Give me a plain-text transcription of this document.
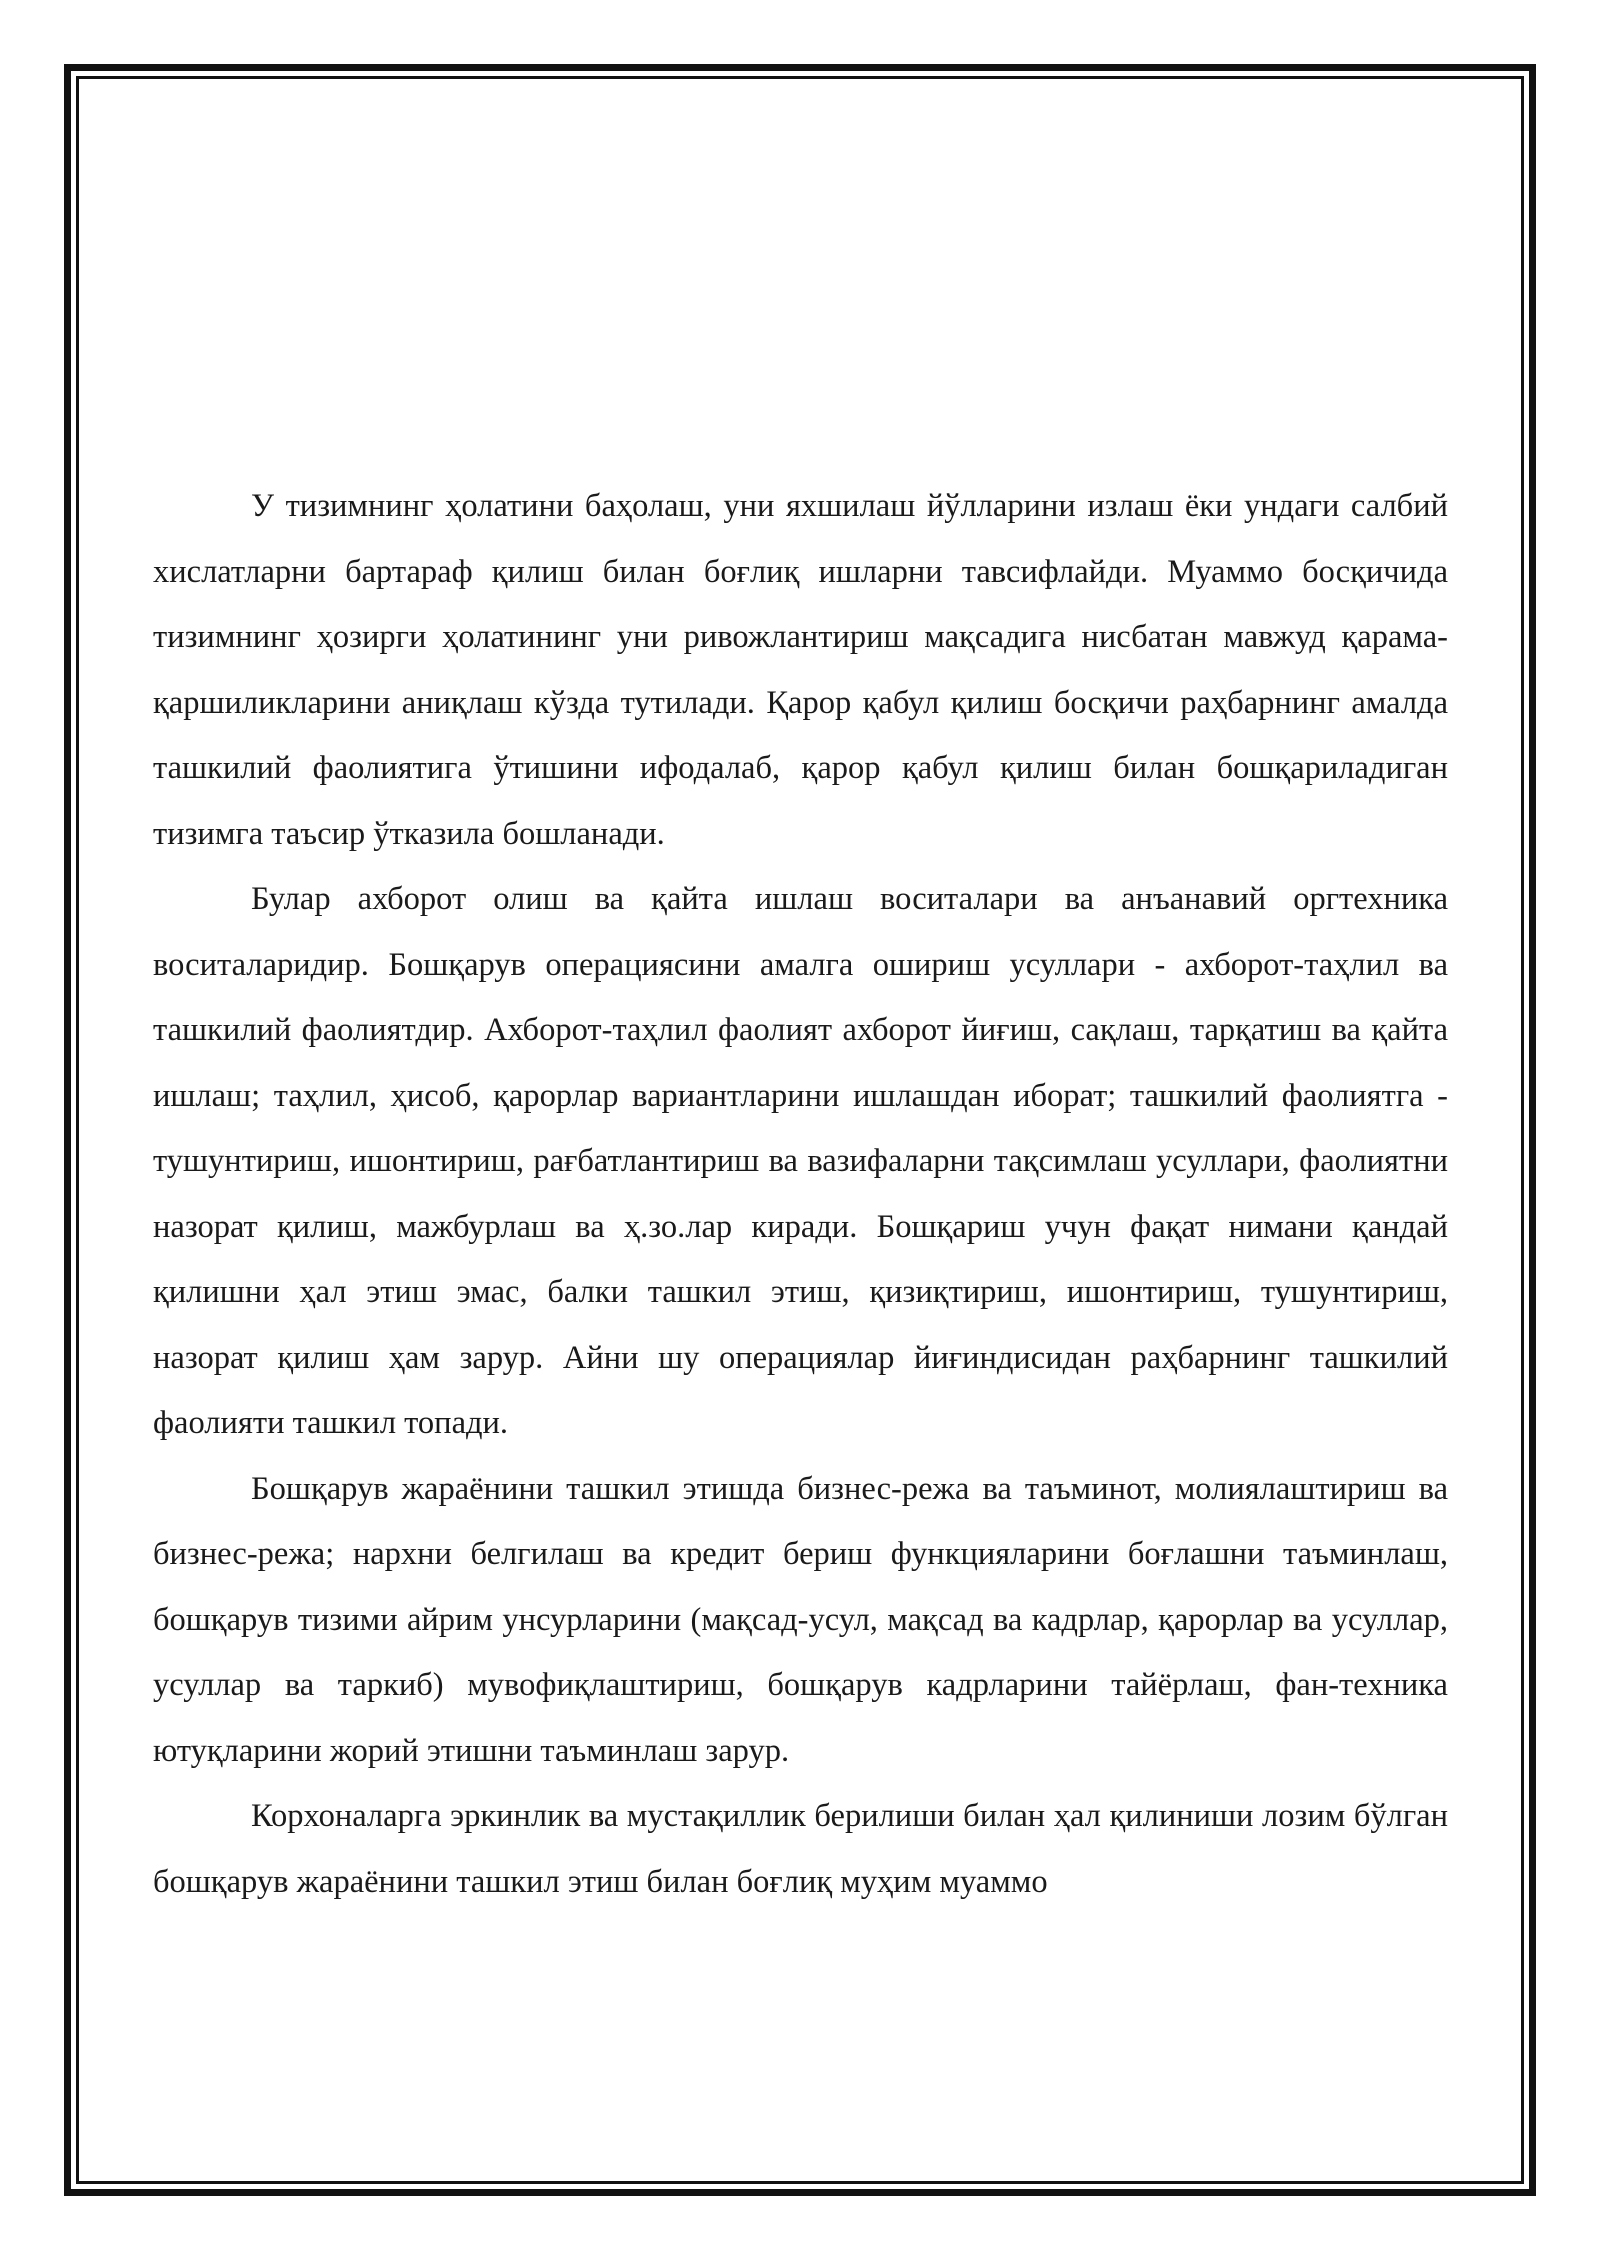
У тизимнинг ҳолатини баҳолаш, уни яхшилаш йўлларини излаш ёки ундаги салбий хислатларни бартараф қилиш билан боғлиқ ишларни тавсифлайди. Муаммо босқичида тизимнинг ҳозирги ҳолатининг уни ривожлантириш мақсадига нисбатан мавжуд қарама-қаршиликларини аниқлаш кўзда тутилади. Қарор қабул қилиш босқичи раҳбарнинг амалда ташкилий фаолиятига ўтишини ифодалаб, қарор қабул қилиш билан бошқариладиган тизимга таъсир ўтказила бошланади.

Булар ахборот олиш ва қайта ишлаш воситалари ва анъанавий оргтехника воситаларидир. Бошқарув операциясини амалга ошириш усуллари - ахборот-таҳлил ва ташкилий фаолиятдир. Ахборот-таҳлил фаолият ахборот йиғиш, сақлаш, тарқатиш ва қайта ишлаш; таҳлил, ҳисоб, қарорлар вариантларини ишлашдан иборат; ташкилий фаолиятга - тушунтириш, ишонтириш, рағбатлантириш ва вазифаларни тақсимлаш усуллари, фаолиятни назорат қилиш, мажбурлаш ва ҳ.зо.лар киради. Бошқариш учун фақат нимани қандай қилишни ҳал этиш эмас, балки ташкил этиш, қизиқтириш, ишонтириш, тушунтириш, назорат қилиш ҳам зарур. Айни шу операциялар йиғиндисидан раҳбарнинг ташкилий фаолияти ташкил топади.

Бошқарув жараёнини ташкил этишда бизнес-режа ва таъминот, молиялаштириш ва бизнес-режа; нархни белгилаш ва кредит бериш функцияларини боғлашни таъминлаш, бошқарув тизими айрим унсурларини (мақсад-усул, мақсад ва кадрлар, қарорлар ва усуллар, усуллар ва таркиб) мувофиқлаштириш, бошқарув кадрларини тайёрлаш, фан-техника ютуқларини жорий этишни таъминлаш зарур.

Корхоналарга эркинлик ва мустақиллик берилиши билан ҳал қилиниши лозим бўлган бошқарув жараёнини ташкил этиш билан боғлиқ муҳим муаммо
